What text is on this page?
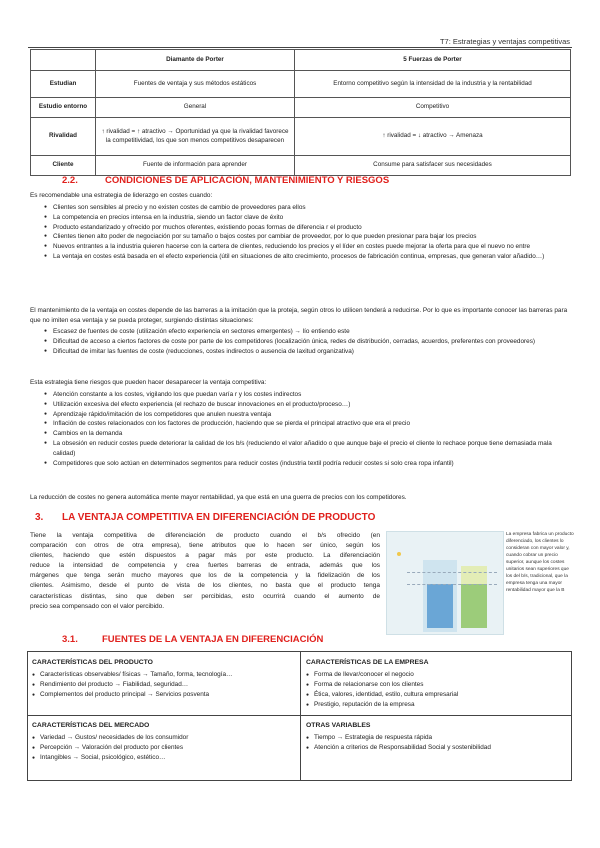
T7: Estrategias y ventajas competitivas
	Diamante de Porter	5 Fuerzas de Porter
Estudian	Fuentes de ventaja y sus métodos estáticos	Entorno competitivo según la intensidad de la industria y la rentabilidad
Estudio entorno	General	Competitivo
Rivalidad	↑ rivalidad = ↑ atractivo → Oportunidad ya que la rivalidad favorece la competitividad, los que son menos competitivos desaparecen	↑ rivalidad = ↓ atractivo → Amenaza
Cliente	Fuente de información para aprender	Consume para satisfacer sus necesidades
2.2.	CONDICIONES DE APLICACIÓN, MANTENIMIENTO Y RIESGOS
Es recomendable una estrategia de liderazgo en costes cuando:
● Clientes son sensibles al precio y no existen costes de cambio de proveedores para ellos
● La competencia en precios intensa en la industria, siendo un factor clave de éxito
● Producto estandarizado y ofrecido por muchos oferentes, existiendo pocas formas de diferencia r el producto
● Clientes tienen alto poder de negociación por su tamaño o bajos costes por cambiar de proveedor, por lo que pueden presionar para bajar los precios
● Nuevos entrantes a la industria quieren hacerse con la cartera de clientes, reduciendo los precios y el líder en costes puede mejorar la oferta para que el nuevo no entre
● La ventaja en costes está basada en el efecto experiencia (útil en situaciones de alto crecimiento, procesos de fabricación continua, empresas, que generan valor añadido…)
El mantenimiento de la ventaja en costes depende de las barreras a la imitación que la proteja, según otros lo utilicen tenderá a reducirse. Por lo que es importante conocer las barreras para que no imiten esa ventaja y se pueda proteger, surgiendo distintas situaciones:
● Escasez de fuentes de coste (utilización efecto experiencia en sectores emergentes) → lío entiendo este
● Dificultad de acceso a ciertos factores de coste por parte de los competidores (localización única, redes de distribución, cerradas, acuerdos, preferentes con proveedores)
● Dificultad de imitar las fuentes de coste (reducciones, costes indirectos o ausencia de laxitud organizativa)
Esta estrategia tiene riesgos que pueden hacer desaparecer la ventaja competitiva:
● Atención constante a los costes, vigilando los que puedan varía r y los costes indirectos
● Utilización excesiva del efecto experiencia (el rechazo de buscar innovaciones en el producto/proceso…)
● Aprendizaje rápido/imitación de los competidores que anulen nuestra ventaja
● Inflación de costes relacionados con los factores de producción, haciendo que se pierda el principal atractivo que era el precio
● Cambios en la demanda
● La obsesión en reducir costes puede deteriorar la calidad de los b/s (reduciendo el valor añadido o que aunque baje el precio el cliente lo rechace porque tiene demasiada mala calidad)
● Competidores que solo actúan en determinados segmentos para reducir costes (industria textil podría reducir costes si solo crea ropa infantil)
La reducción de costes no genera automática mente mayor rentabilidad, ya que está en una guerra de precios con los competidores.
3. LA VENTAJA COMPETITIVA EN DIFERENCIACIÓN DE PRODUCTO
Tiene la ventaja competitiva de diferenciación de producto cuando el b/s ofrecido (en
comparación con otros de otra empresa), tiene atributos que lo hacen ser único, según los
clientes, haciendo que estén dispuestos a pagar más por este producto. La diferenciación
reduce la intensidad de competencia y crea fuertes barreras de entrada, además que los
márgenes que tenga serán mucho mayores que los de la competencia y la fidelización de los
clientes. Asimismo, desde el punto de vista de los clientes, no basta que el producto tenga
características distintas, sino que deben ser percibidas, esto ocurrirá cuando el aumento de
precio sea compensado con el valor percibido.
La empresa fabrica un producto diferenciado, los clientes lo consideran con mayor valor y, cuando cobrar un precio superior, aunque los costes unitarios sean superiores que los del b/s, tradicional, que la empresa tenga una mayor rentabilidad mayor que la B
3.1.	FUENTES DE LA VENTAJA EN DIFERENCIACIÓN
CARACTERÍSTICAS DEL PRODUCTO
● Características observables/ físicas → Tamaño, forma, tecnología…
● Rendimiento del producto → Fiabilidad, seguridad…
● Complementos del producto principal → Servicios posventa
CARACTERÍSTICAS DE LA EMPRESA
● Forma de llevar/conocer el negocio
● Forma de relacionarse con los clientes
● Ética, valores, identidad, estilo, cultura empresarial
● Prestigio, reputación de la empresa
CARACTERÍSTICAS DEL MERCADO
● Variedad → Gustos/ necesidades de los consumidor
● Percepción → Valoración del producto por clientes
● Intangibles → Social, psicológico, estético…
OTRAS VARIABLES
● Tiempo → Estrategia de respuesta rápida
● Atención a criterios de Responsabilidad Social y sostenibilidad
